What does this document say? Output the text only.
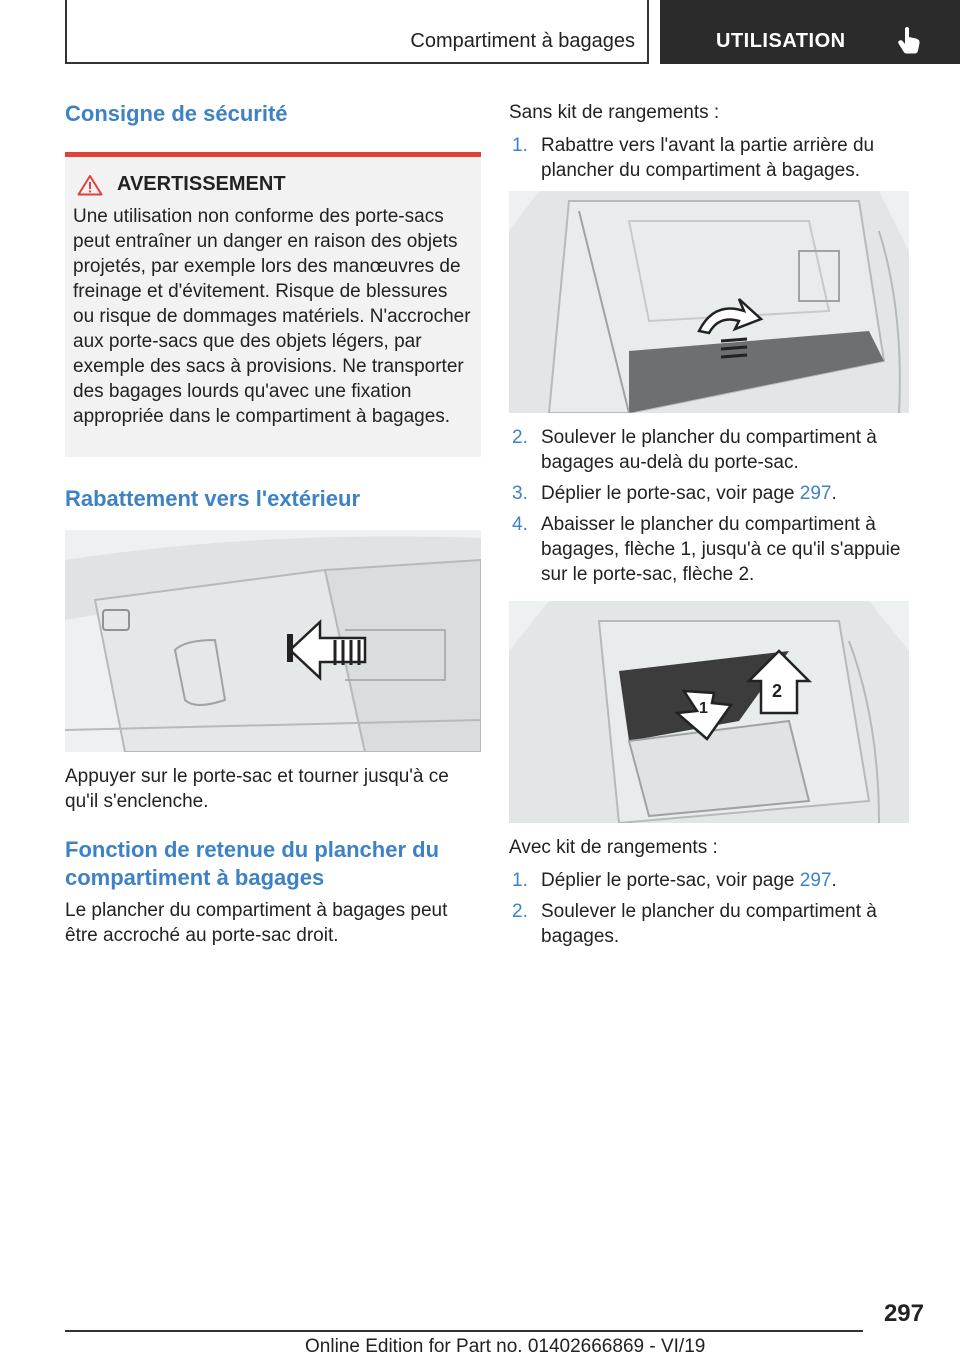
Compartiment à bagages	UTILISATION
Consigne de sécurité
AVERTISSEMENT

Une utilisation non conforme des porte-sacs peut entraîner un danger en raison des objets projetés, par exemple lors des manœuvres de freinage et d'évitement. Risque de blessures ou risque de dommages matériels. N'accrocher aux porte-sacs que des objets légers, par exemple des sacs à provisions. Ne transporter des bagages lourds qu'avec une fixation appropriée dans le compartiment à bagages.

Rabattement vers l'extérieur

Appuyer sur le porte-sac et tourner jusqu'à ce qu'il s'enclenche.

Fonction de retenue du plancher du compartiment à bagages

Le plancher du compartiment à bagages peut être accroché au porte-sac droit.

Sans kit de rangements :

1. Rabattre vers l'avant la partie arrière du plancher du compartiment à bagages.
2. Soulever le plancher du compartiment à bagages au-delà du porte-sac.
3. Déplier le porte-sac, voir page 297.
4. Abaisser le plancher du compartiment à bagages, flèche 1, jusqu'à ce qu'il s'appuie sur le porte-sac, flèche 2.
1
2

Avec kit de rangements :

1. Déplier le porte-sac, voir page 297.
2. Soulever le plancher du compartiment à bagages.
297
Online Edition for Part no. 01402666869 - VI/19
